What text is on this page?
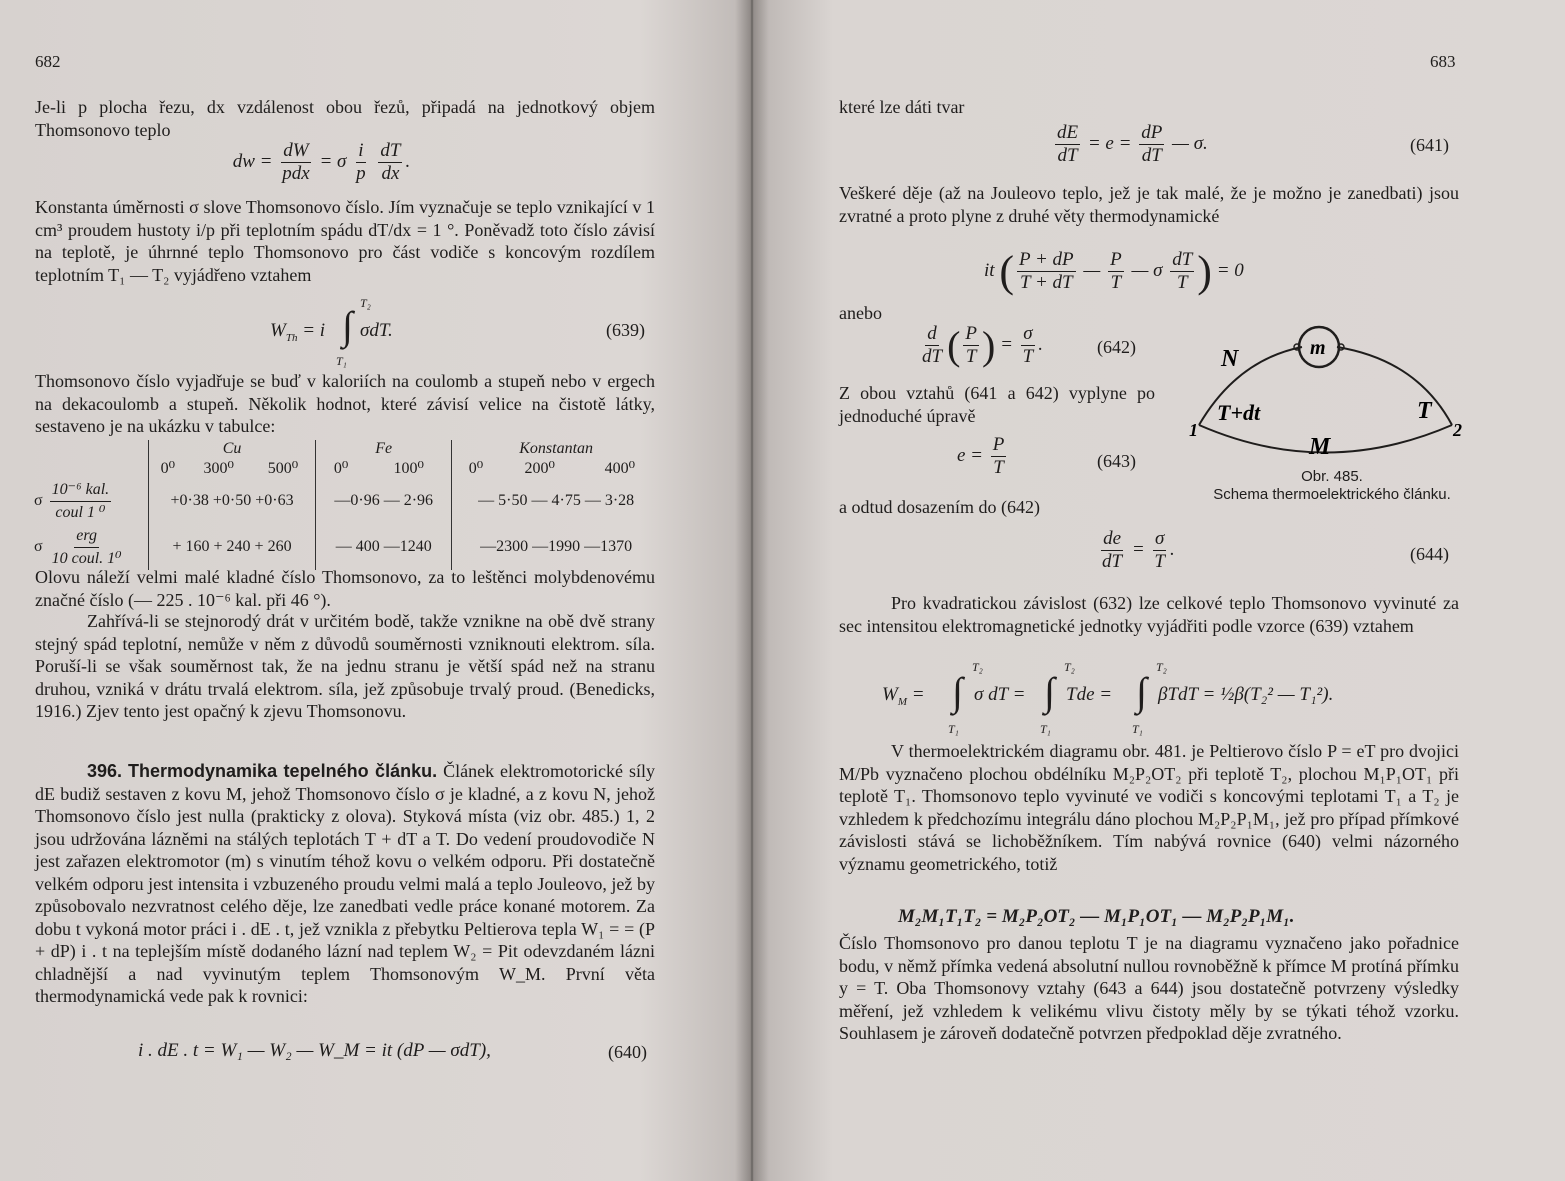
682

Je-li p plocha řezu, dx vzdálenost obou řezů, připadá na jednotkový objem Thomsonovo teplo

dw = $\frac{dW}{\text{pdx}} = \sigma \frac{i}{p}$
$\frac{dT}{dx}$ .

Konstanta úměrnosti σ slove Thomsonovo číslo. Jím vyznačuje se teplo vznikající v 1 cm³ proudem hustoty i/p při teplotním spádu dT/dx = 1 °. Poněvadž toto číslo závisí na teplotě, je úhrnné teplo Thomsonovo pro část vodiče s koncovým rozdílem teplotním T₁ — T₂ vyjádřeno vztahem

T₂
$W_{Th} = i$ ∫ σdT.
T₁
(639)

Thomsonovo číslo vyjadřuje se buď v kaloriích na coulomb a stupeň nebo v ergech na dekacoulomb a stupeň. Několik hodnot, které závisí velice na čistotě látky, sestaveno je na ukázku v tabulce:

	Cu			Fe		Konstantan		
	0⁰	300⁰	500⁰	0⁰	100⁰	0⁰	200⁰	400⁰
σ $\frac{\text{10⁻⁶ kal.}}{\text{coul 1 ⁰}}$	+0·38 +0·50 +0·63			—0·96 — 2·96		— 5·50 — 4·75 — 3·28		
σ $\frac{\text{erg}}{\text{10 coul. 1⁰}}$	+ 160 + 240 + 260			— 400 —1240		—2300 —1990 —1370		

Olovu náleží velmi malé kladné číslo Thomsonovo, za to leštěnci molybdenovému značné číslo (— 225 . 10⁻⁶ kal. při 46 °).

Zahřívá-li se stejnorodý drát v určitém bodě, takže vznikne na obě dvě strany stejný spád teplotní, nemůže v něm z důvodů souměrnosti vzniknouti elektrom. síla. Poruší-li se však souměrnost tak, že na jednu stranu je větší spád než na stranu druhou, vzniká v drátu trvalá elektrom. síla, jež způsobuje trvalý proud. (Benedicks, 1916.) Zjev tento jest opačný k zjevu Thomsonovu.

396. Thermodynamika tepelného článku. Článek elektromotorické síly dE budiž sestaven z kovu M, jehož Thomsonovo číslo σ je kladné, a z kovu N, jehož Thomsonovo číslo jest nulla (prakticky z olova). Styková místa (viz obr. 485.) 1, 2 jsou udržována lázněmi na stálých teplotách T + dT a T. Do vedení proudovodiče N jest zařazen elektromotor (m) s vinutím téhož kovu o velkém odporu. Při dostatečně velkém odporu jest intensita i vzbuzeného proudu velmi malá a teplo Jouleovo, jež by způsobovalo nezvratnost celého děje, lze zanedbati vedle práce konané motorem. Za dobu t vykoná motor práci i . dE . t, jež vznikla z přebytku Peltierova tepla W₁ = = (P + dP) i . t na teplejším místě dodaného lázní nad teplem W₂ = Pit odevzdaném lázni chladnější a nad vyvinutým teplem Thomsonovým W_M. První věta thermodynamická vede pak k rovnici:

i . dE . t = W₁ — W₂ — W_M = it (dP — σdT),	(640)
683

které lze dáti tvar

$\frac{dE}{dT} = e = \frac{dP}{dT}$ — σ.	(641)

Veškeré děje (až na Jouleovo teplo, jež je tak malé, že je možno je zanedbati) jsou zvratné a proto plyne z druhé věty thermodynamické

it ( $\frac{P + dP}{T + dT}$ — $\frac{P}{T}$ — σ $\frac{dT}{T}$ ) = 0
anebo
$\frac{d}{dT}$ ( $\frac{P}{T}$ ) = $\frac{\sigma}{T}$ .	(642)

Z obou vztahů (641 a 642) vyplyne po jednoduché úpravě

$e = \frac{P}{T}$	(643)

a odtud dosazením do (642)

$\frac{de}{dT} = \frac{\sigma}{T}$ .	(644)
N	m
T+dt	T
M
1	2
Obr. 485.
Schema thermoelektrického článku.

Pro kvadratickou závislost (632) lze celkové teplo Thomsonovo vyvinuté za sec intensitou elektromagnetické jednotky vyjádřiti podle vzorce (639) vztahem

T₂	T₂	T₂
$W_M$ = ∫ σ dT = ∫ Tde = ∫ βTdT = ½β(T₂² — T₁²).
T₁	T₁	T₁

V thermoelektrickém diagramu obr. 481. je Peltierovo číslo P = eT pro dvojici M/Pb vyznačeno plochou obdélníku M₂P₂OT₂ při teplotě T₂, plochou M₁P₁OT₁ při teplotě T₁. Thomsonovo teplo vyvinuté ve vodiči s koncovými teplotami T₁ a T₂ je vzhledem k předchozímu integrálu dáno plochou M₂P₂P₁M₁, jež pro případ přímkové závislosti stává se lichoběžníkem. Tím nabývá rovnice (640) velmi názorného významu geometrického, totiž

M₂M₁T₁T₂ = M₂P₂OT₂ — M₁P₁OT₁ — M₂P₂P₁M₁.

Číslo Thomsonovo pro danou teplotu T je na diagramu vyznačeno jako pořadnice bodu, v němž přímka vedená absolutní nullou rovnoběžně k přímce M protíná přímku y = T. Oba Thomsonovy vztahy (643 a 644) jsou dostatečně potvrzeny výsledky měření, jež vzhledem k velikému vlivu čistoty měly by se týkati téhož vzorku. Souhlasem je zároveň dodatečně potvrzen předpoklad děje zvratného.
